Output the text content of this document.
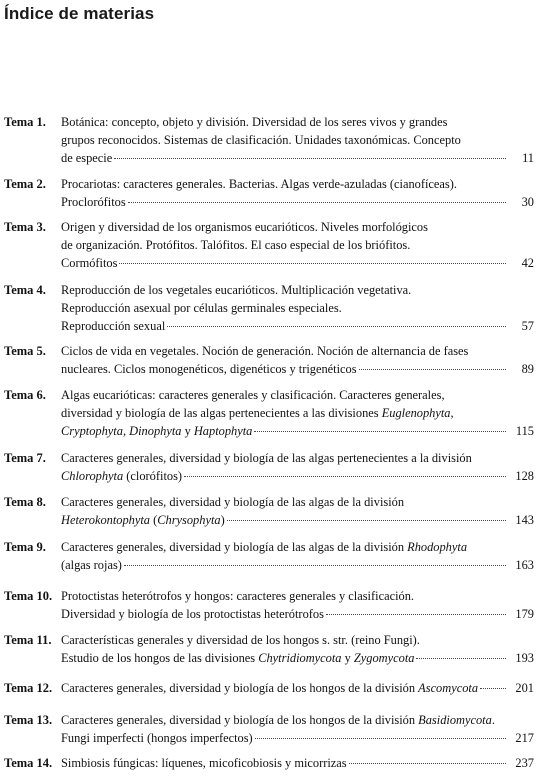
Índice de materias
Tema 1. Botánica: concepto, objeto y división. Diversidad de los seres vivos y grandes
grupos reconocidos. Sistemas de clasificación. Unidades taxonómicas. Concepto
de especie	11
Tema 2. Procariotas: caracteres generales. Bacterias. Algas verde-azuladas (cianofíceas).
Proclorófitos	30
Tema 3. Origen y diversidad de los organismos eucarióticos. Niveles morfológicos
de organización. Protófitos. Talófitos. El caso especial de los briófitos.
Cormófitos	42
Tema 4. Reproducción de los vegetales eucarióticos. Multiplicación vegetativa.
Reproducción asexual por células germinales especiales.
Reproducción sexual	57
Tema 5. Ciclos de vida en vegetales. Noción de generación. Noción de alternancia de fases
nucleares. Ciclos monogenéticos, digenéticos y trigenéticos	89
Tema 6. Algas eucarióticas: caracteres generales y clasificación. Caracteres generales,
diversidad y biología de las algas pertenecientes a las divisiones Euglenophyta,
Cryptophyta, Dinophyta y Haptophyta	115
Tema 7. Caracteres generales, diversidad y biología de las algas pertenecientes a la división
Chlorophyta (clorófitos)	128
Tema 8. Caracteres generales, diversidad y biología de las algas de la división
Heterokontophyta (Chrysophyta)	143
Tema 9. Caracteres generales, diversidad y biología de las algas de la división Rhodophyta
(algas rojas)	163
Tema 10. Protoctistas heterótrofos y hongos: caracteres generales y clasificación.
Diversidad y biología de los protoctistas heterótrofos	179
Tema 11. Características generales y diversidad de los hongos s. str. (reino Fungi).
Estudio de los hongos de las divisiones Chytridiomycota y Zygomycota	193
Tema 12. Caracteres generales, diversidad y biología de los hongos de la división Ascomycota	201
Tema 13. Caracteres generales, diversidad y biología de los hongos de la división Basidiomycota.
Fungi imperfecti (hongos imperfectos)	217
Tema 14. Simbiosis fúngicas: líquenes, micoficobiosis y micorrizas	237
